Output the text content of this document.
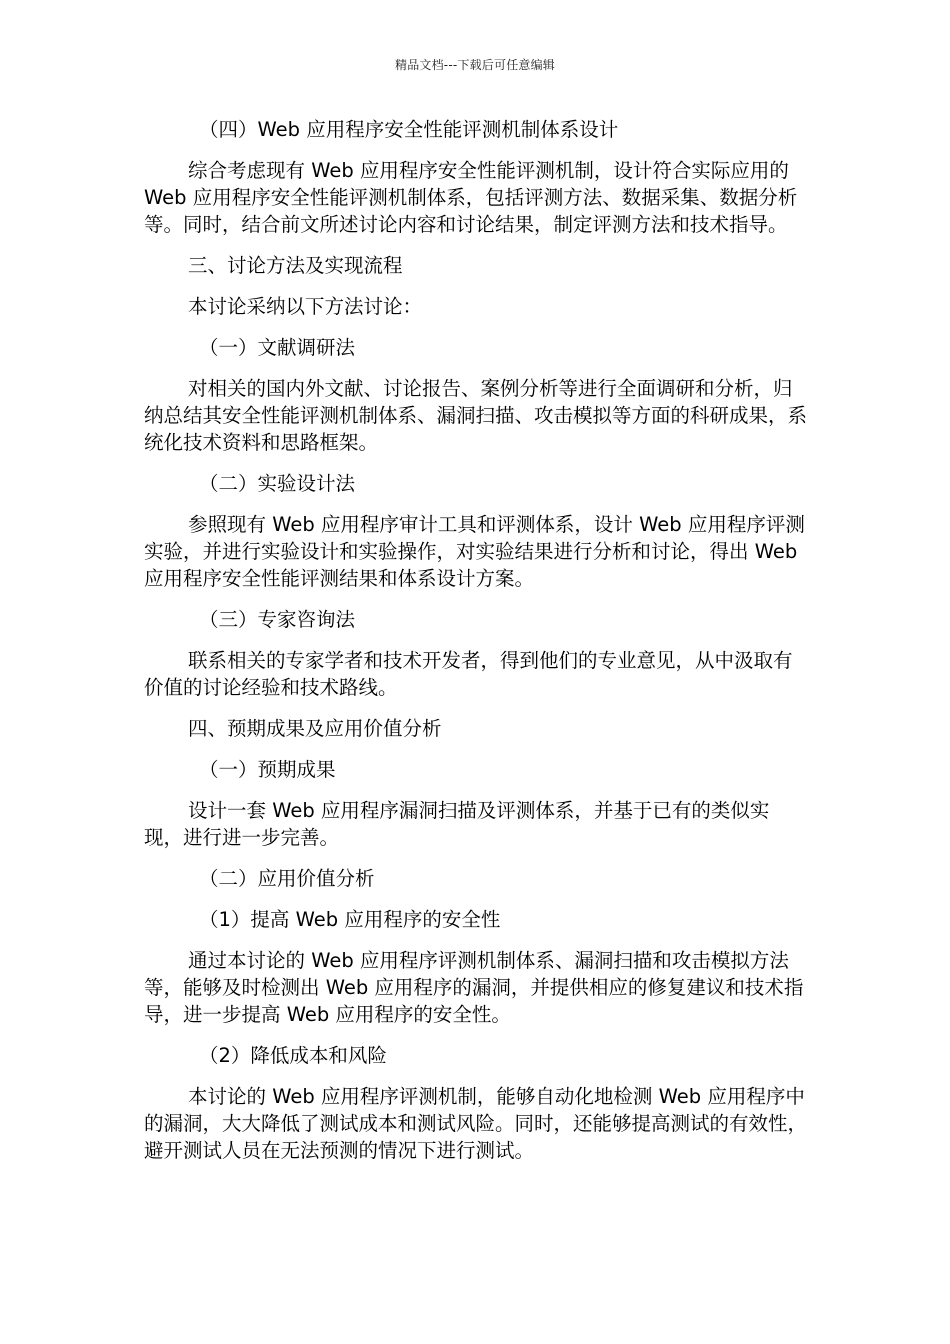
精品文档---下载后可任意编辑
（四）Web 应用程序安全性能评测机制体系设计
综合考虑现有 Web 应用程序安全性能评测机制，设计符合实际应用的 Web 应用程序安全性能评测机制体系，包括评测方法、数据采集、数据分析等。同时，结合前文所述讨论内容和讨论结果，制定评测方法和技术指导。
三、讨论方法及实现流程
本讨论采纳以下方法讨论：
（一）文献调研法
对相关的国内外文献、讨论报告、案例分析等进行全面调研和分析，归纳总结其安全性能评测机制体系、漏洞扫描、攻击模拟等方面的科研成果，系统化技术资料和思路框架。
（二）实验设计法
参照现有 Web 应用程序审计工具和评测体系，设计 Web 应用程序评测实验，并进行实验设计和实验操作，对实验结果进行分析和讨论，得出 Web 应用程序安全性能评测结果和体系设计方案。
（三）专家咨询法
联系相关的专家学者和技术开发者，得到他们的专业意见，从中汲取有价值的讨论经验和技术路线。
四、预期成果及应用价值分析
（一）预期成果
设计一套 Web 应用程序漏洞扫描及评测体系，并基于已有的类似实现，进行进一步完善。
（二）应用价值分析
（1）提高 Web 应用程序的安全性
通过本讨论的 Web 应用程序评测机制体系、漏洞扫描和攻击模拟方法等，能够及时检测出 Web 应用程序的漏洞，并提供相应的修复建议和技术指导，进一步提高 Web 应用程序的安全性。
（2）降低成本和风险
本讨论的 Web 应用程序评测机制，能够自动化地检测 Web 应用程序中的漏洞，大大降低了测试成本和测试风险。同时，还能够提高测试的有效性，避开测试人员在无法预测的情况下进行测试。
